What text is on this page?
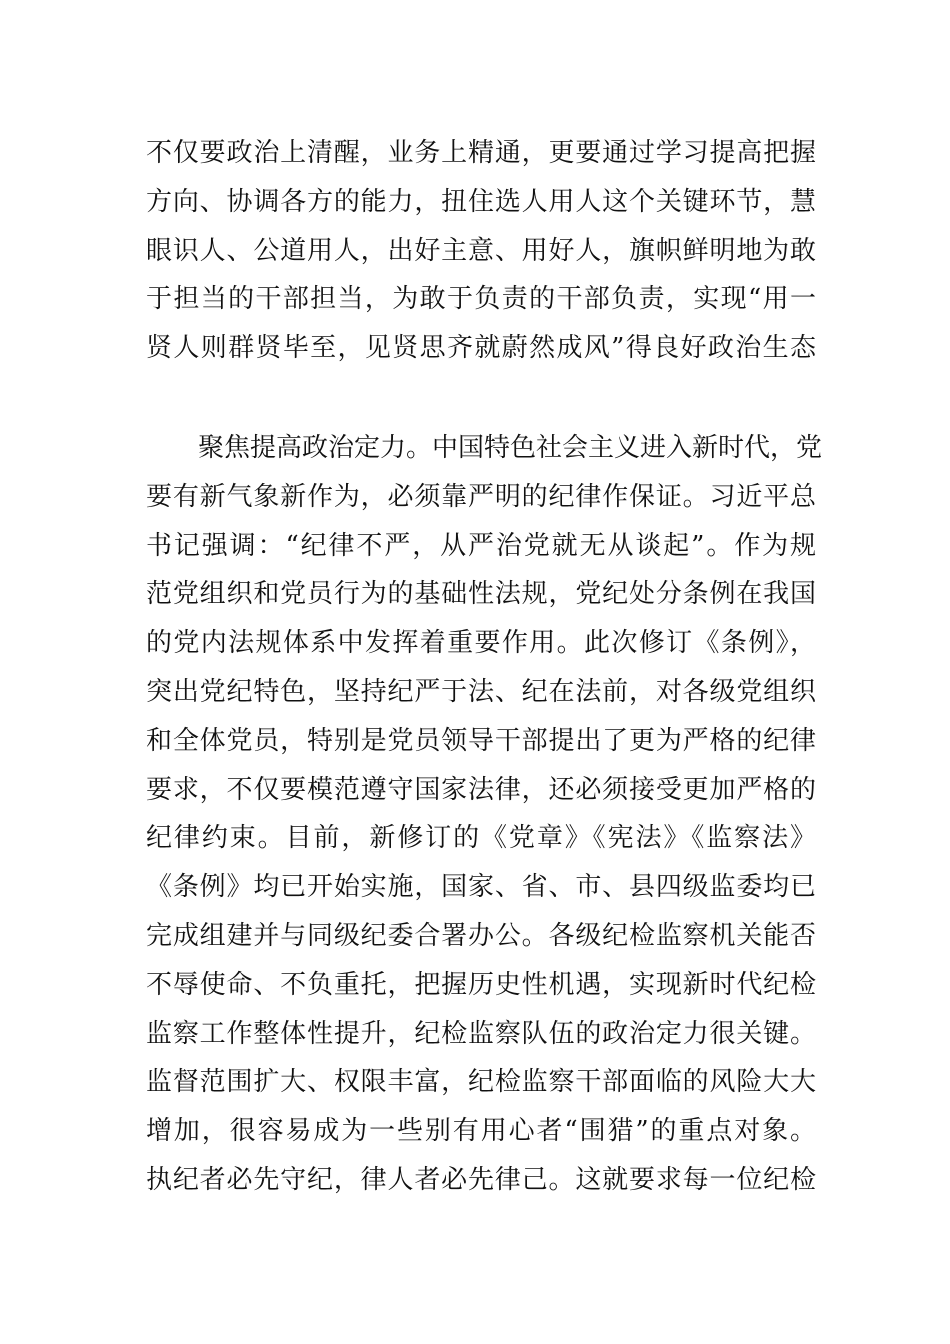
不仅要政治上清醒，业务上精通，更要通过学习提高把握
方向、协调各方的能力，扭住选人用人这个关键环节，慧
眼识人、公道用人，出好主意、用好人，旗帜鲜明地为敢
于担当的干部担当，为敢于负责的干部负责，实现“用一
贤人则群贤毕至，见贤思齐就蔚然成风”得良好政治生态
　　聚焦提高政治定力。中国特色社会主义进入新时代，党
要有新气象新作为，必须靠严明的纪律作保证。习近平总
书记强调：“纪律不严，从严治党就无从谈起”。作为规
范党组织和党员行为的基础性法规，党纪处分条例在我国
的党内法规体系中发挥着重要作用。此次修订《条例》，
突出党纪特色，坚持纪严于法、纪在法前，对各级党组织
和全体党员，特别是党员领导干部提出了更为严格的纪律
要求，不仅要模范遵守国家法律，还必须接受更加严格的
纪律约束。目前，新修订的《党章》《宪法》《监察法》
《条例》均已开始实施，国家、省、市、县四级监委均已
完成组建并与同级纪委合署办公。各级纪检监察机关能否
不辱使命、不负重托，把握历史性机遇，实现新时代纪检
监察工作整体性提升，纪检监察队伍的政治定力很关键。
监督范围扩大、权限丰富，纪检监察干部面临的风险大大
增加，很容易成为一些别有用心者“围猎”的重点对象。
执纪者必先守纪，律人者必先律己。这就要求每一位纪检
